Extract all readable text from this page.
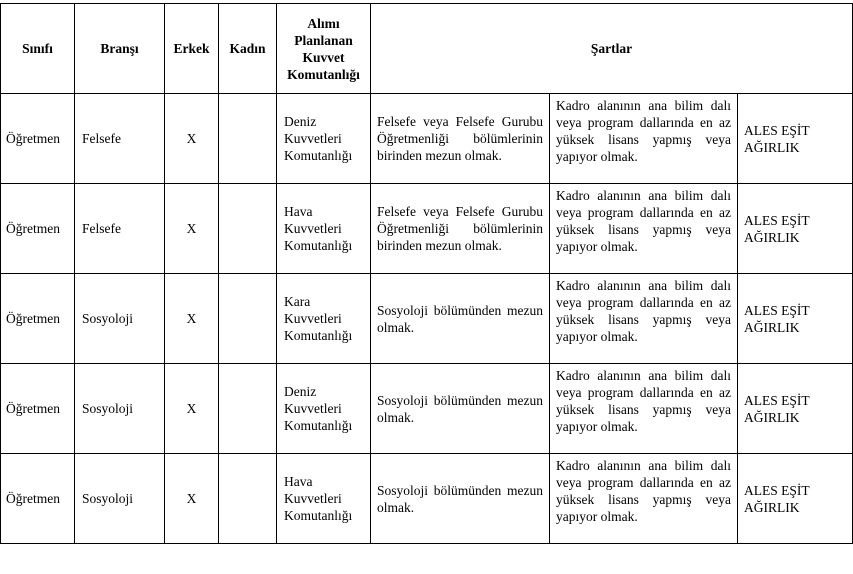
Sınıfı	Branşı	Erkek	Kadın	Alımı
Planlanan
Kuvvet
Komutanlığı	Şartlar		
Öğretmen	Felsefe	X		Deniz
Kuvvetleri
Komutanlığı	Felsefe veya Felsefe Gurubu Öğretmenliği bölümlerinin birinden mezun olmak.	Kadro alanının ana bilim dalı veya program dallarında en az yüksek lisans yapmış veya yapıyor olmak.	ALES EŞİT AĞIRLIK
Öğretmen	Felsefe	X		Hava
Kuvvetleri
Komutanlığı	Felsefe veya Felsefe Gurubu Öğretmenliği bölümlerinin birinden mezun olmak.	Kadro alanının ana bilim dalı veya program dallarında en az yüksek lisans yapmış veya yapıyor olmak.	ALES EŞİT AĞIRLIK
Öğretmen	Sosyoloji	X		Kara
Kuvvetleri
Komutanlığı	Sosyoloji bölümünden mezun olmak.	Kadro alanının ana bilim dalı veya program dallarında en az yüksek lisans yapmış veya yapıyor olmak.	ALES EŞİT AĞIRLIK
Öğretmen	Sosyoloji	X		Deniz
Kuvvetleri
Komutanlığı	Sosyoloji bölümünden mezun olmak.	Kadro alanının ana bilim dalı veya program dallarında en az yüksek lisans yapmış veya yapıyor olmak.	ALES EŞİT AĞIRLIK
Öğretmen	Sosyoloji	X		Hava
Kuvvetleri
Komutanlığı	Sosyoloji bölümünden mezun olmak.	Kadro alanının ana bilim dalı veya program dallarında en az yüksek lisans yapmış veya yapıyor olmak.	ALES EŞİT AĞIRLIK
